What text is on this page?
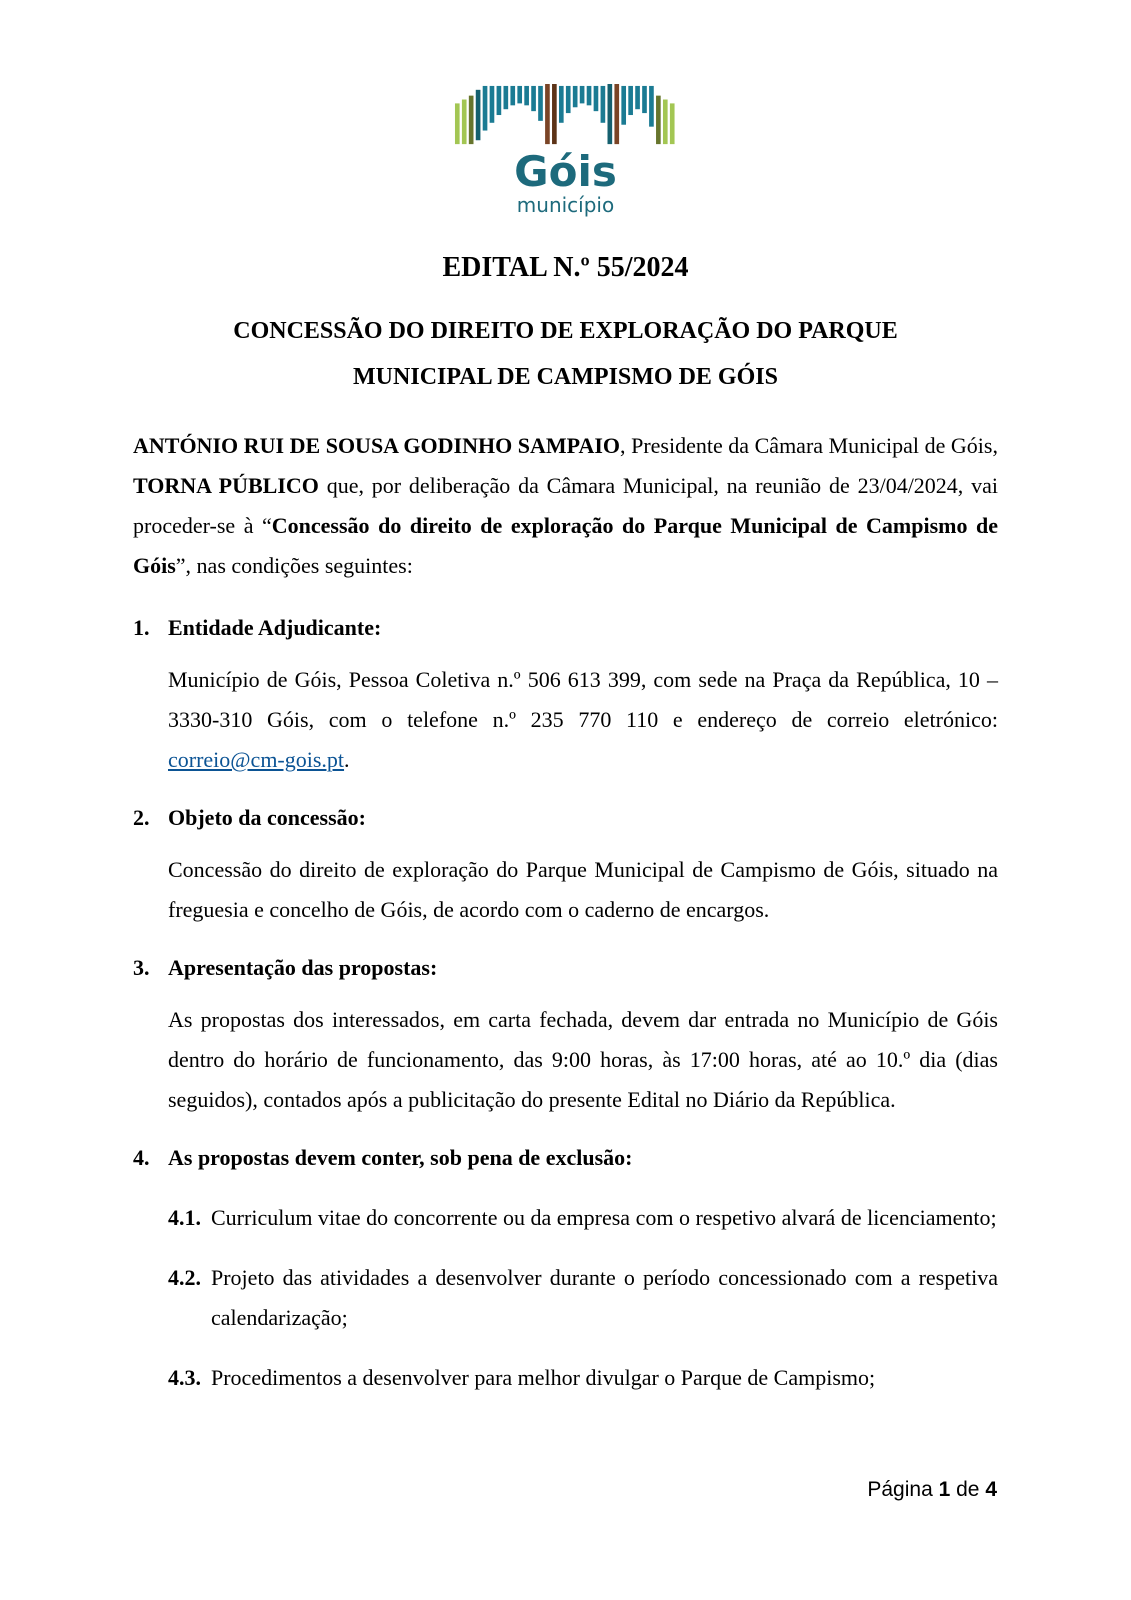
Góis
município
EDITAL N.º 55/2024
CONCESSÃO DO DIREITO DE EXPLORAÇÃO DO PARQUE
MUNICIPAL DE CAMPISMO DE GÓIS

ANTÓNIO RUI DE SOUSA GODINHO SAMPAIO, Presidente da Câmara Municipal de Góis, TORNA PÚBLICO que, por deliberação da Câmara Municipal, na reunião de 23/04/2024, vai proceder-se à “Concessão do direito de exploração do Parque Municipal de Campismo de Góis”, nas condições seguintes:

1. Entidade Adjudicante:
Município de Góis, Pessoa Coletiva n.º 506 613 399, com sede na Praça da República, 10 – 3330-310 Góis, com o telefone n.º 235 770 110 e endereço de correio eletrónico: correio@cm-gois.pt.
2. Objeto da concessão:
Concessão do direito de exploração do Parque Municipal de Campismo de Góis, situado na freguesia e concelho de Góis, de acordo com o caderno de encargos.
3. Apresentação das propostas:
As propostas dos interessados, em carta fechada, devem dar entrada no Município de Góis dentro do horário de funcionamento, das 9:00 horas, às 17:00 horas, até ao 10.º dia (dias seguidos), contados após a publicitação do presente Edital no Diário da República.
4. As propostas devem conter, sob pena de exclusão:
4.1. Curriculum vitae do concorrente ou da empresa com o respetivo alvará de licenciamento;
4.2. Projeto das atividades a desenvolver durante o período concessionado com a respetiva calendarização;
4.3. Procedimentos a desenvolver para melhor divulgar o Parque de Campismo;
Página 1 de 4
